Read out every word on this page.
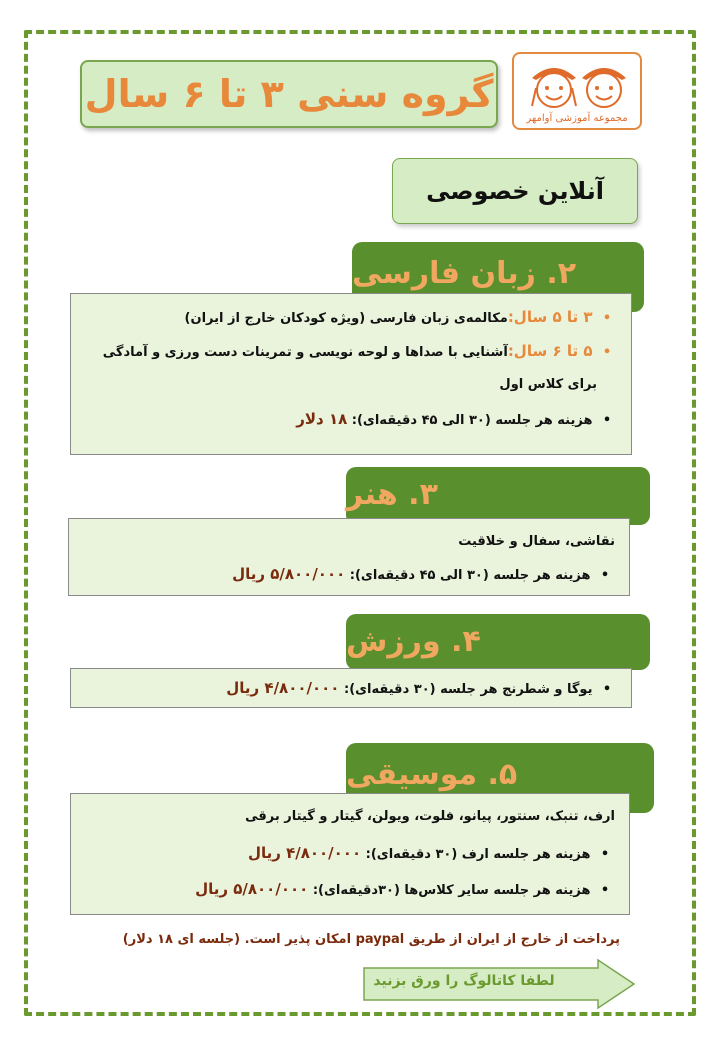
گروه سنی ۳ تا ۶ سال
مجموعه آموزشی آوامهر
آنلاین خصوصی
۲. زبان فارسی
• ۳ تا ۵ سال:مکالمه‌ی زبان فارسی (ویژه کودکان خارج از ایران)
• ۵ تا ۶ سال:آشنایی با صداها و لوحه نویسی و تمرینات دست ورزی و آمادگی
برای کلاس اول
• هزینه هر جلسه (۳۰ الی ۴۵ دقیقه‌ای): ۱۸ دلار
۳. هنر
نقاشی، سفال و خلاقیت
• هزینه هر جلسه (۳۰ الی ۴۵ دقیقه‌ای): ۵/۸۰۰/۰۰۰ ریال
۴. ورزش
• یوگا و شطرنج هر جلسه (۳۰ دقیقه‌ای): ۴/۸۰۰/۰۰۰ ریال
۵. موسیقی
ارف، تنبک، سنتور، پیانو، فلوت، ویولن، گیتار و گیتار برقی
• هزینه هر جلسه ارف (۳۰ دقیقه‌ای): ۴/۸۰۰/۰۰۰ ریال
• هزینه هر جلسه سایر کلاس‌ها (۳۰دقیقه‌ای): ۵/۸۰۰/۰۰۰ ریال
پرداخت از خارج از ایران از طریق paypal امکان پذیر است. (جلسه ای ۱۸ دلار)
لطفا کاتالوگ را ورق بزنید
